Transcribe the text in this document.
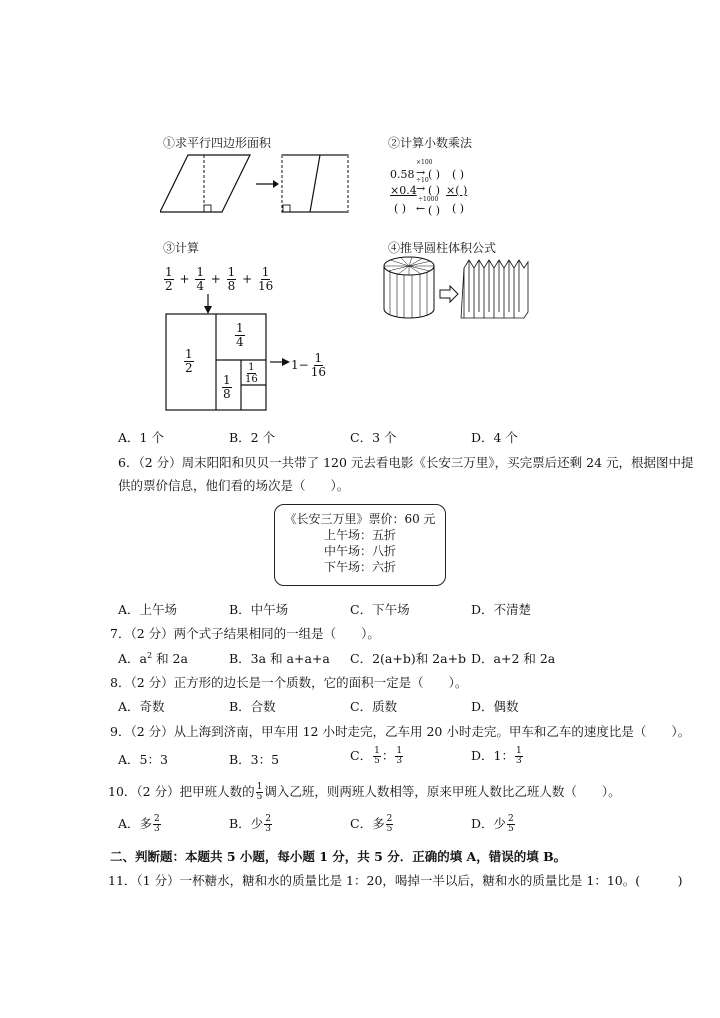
①求平行四边形面积	②计算小数乘法
③计算	④推导圆柱体积公式
0.58
×100
→ ( ) ( )
×0.4
÷10
→ ( ) ×( )
( )
÷1000
← ( ) ( )
$\frac{1}{2} + \frac{1}{4} + \frac{1}{8} + \frac{1}{16}$
$\frac{1}{2}$
$\frac{1}{4}$
$\frac{1}{8}$
$\frac{1}{16}$	$1- \frac{1}{16}$
A．1 个	B．2 个	C．3 个	D．4 个
6．（2 分）周末阳阳和贝贝一共带了 120 元去看电影《长安三万里》，买完票后还剩 24 元，根据图中提
供的票价信息，他们看的场次是（　　）。
《长安三万里》票价：60 元
上午场：五折
中午场：八折
下午场：六折
A．上午场	B．中午场	C．下午场	D．不清楚
7．（2 分）两个式子结果相同的一组是（　　）。
A．$a^2$ 和 2a	B．3a 和 a+a+a C．2(a+b)和 2a+b D．a+2 和 2a
8．（2 分）正方形的边长是一个质数，它的面积一定是（　　）。
A．奇数	B．合数	C．质数	D．偶数
9．（2 分）从上海到济南，甲车用 12 小时走完，乙车用 20 小时走完。甲车和乙车的速度比是（　　）。
A．5：3	B．3：5	C． $\frac{1}{5}$ ： $\frac{1}{3}$	D．1： $\frac{1}{3}$
10．（2 分）把甲班人数的 $\frac{1}{5}$ 调入乙班，则两班人数相等，原来甲班人数比乙班人数（　　）。
A．多 $\frac{2}{3}$	B．少 $\frac{2}{3}$	C．多 $\frac{2}{5}$	D．少 $\frac{2}{5}$
二、判断题：本题共 5 小题，每小题 1 分，共 5 分．正确的填 A，错误的填 B。
11．（1 分）一杯糖水，糖和水的质量比是 1：20，喝掉一半以后，糖和水的质量比是 1：10。(　　　)
